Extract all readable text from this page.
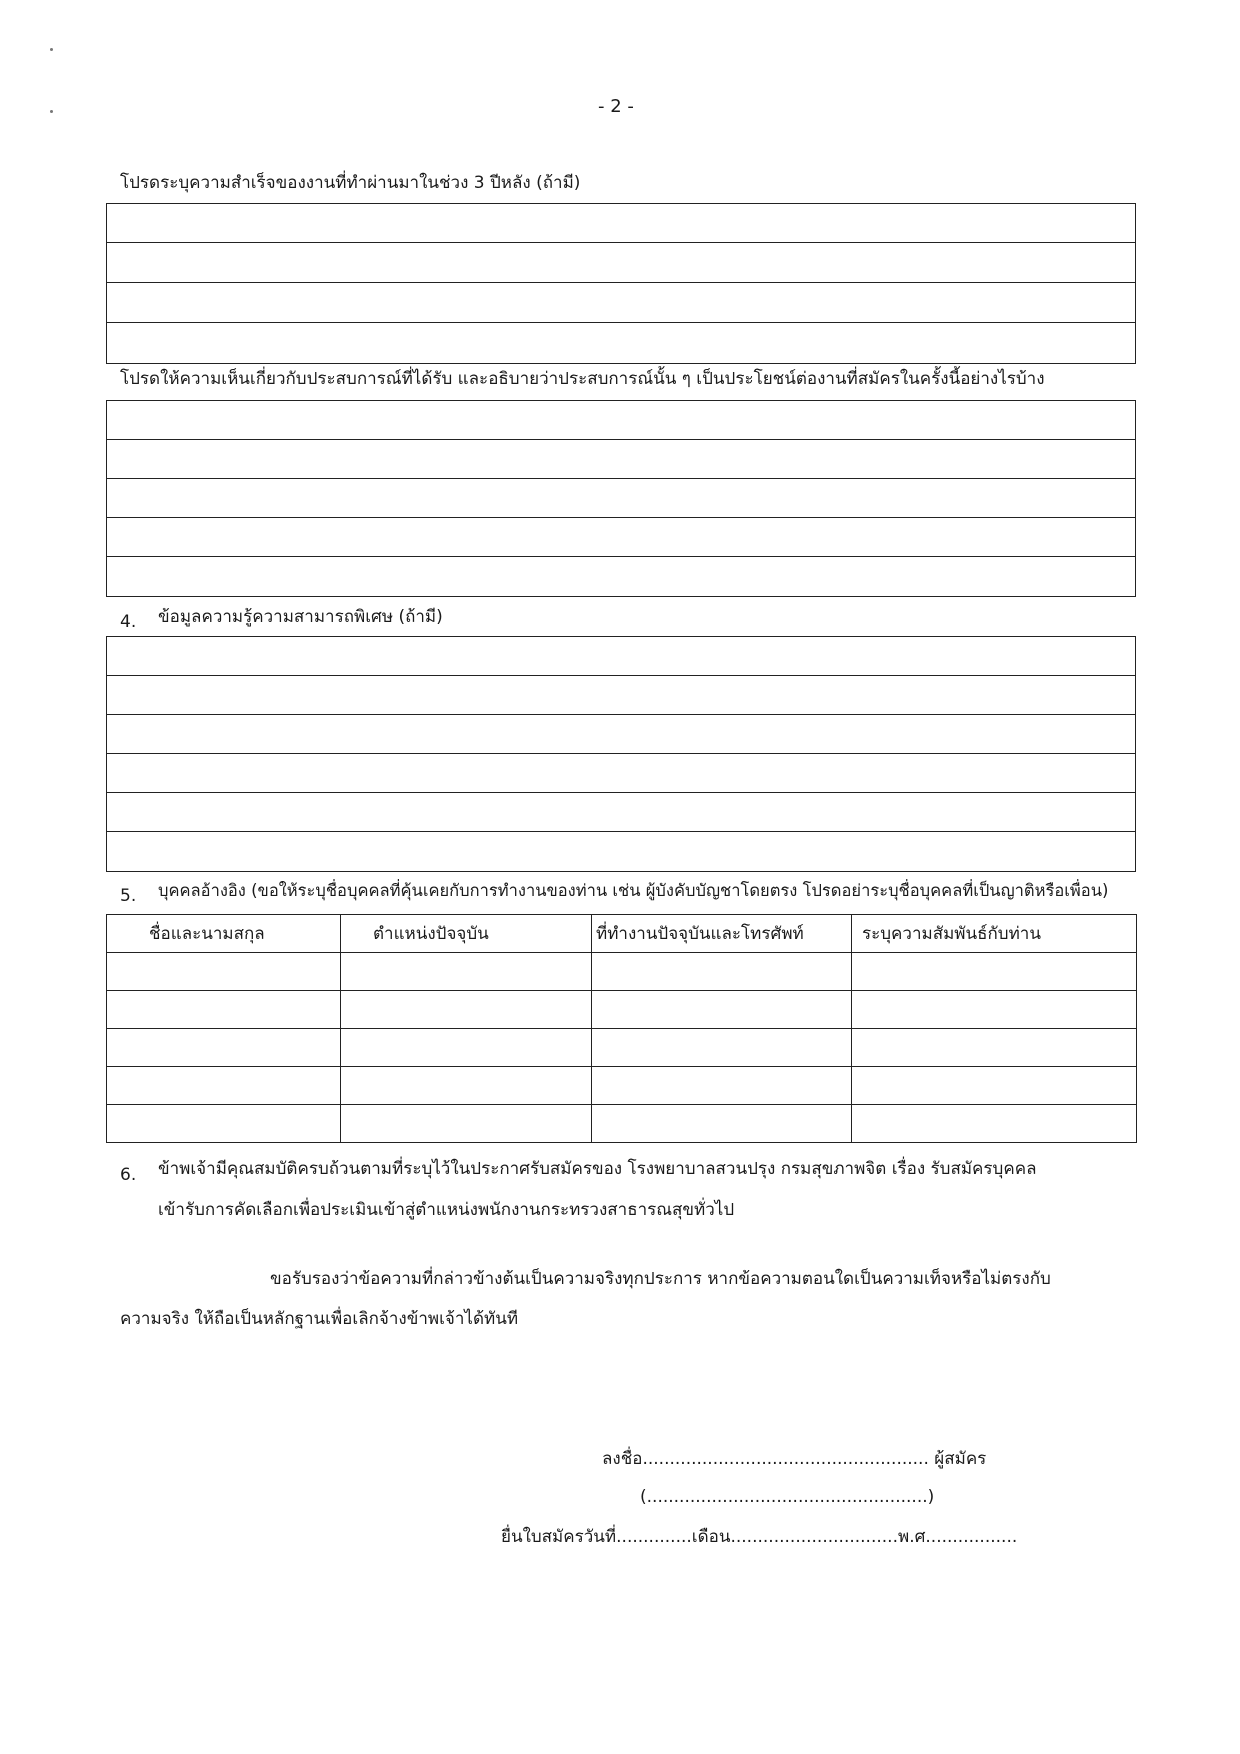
- 2 -
โปรดระบุความสำเร็จของงานที่ทำผ่านมาในช่วง 3 ปีหลัง (ถ้ามี)
โปรดให้ความเห็นเกี่ยวกับประสบการณ์ที่ได้รับ และอธิบายว่าประสบการณ์นั้น ๆ เป็นประโยชน์ต่องานที่สมัครในครั้งนี้อย่างไรบ้าง
4. ข้อมูลความรู้ความสามารถพิเศษ (ถ้ามี)
5. บุคคลอ้างอิง (ขอให้ระบุชื่อบุคคลที่คุ้นเคยกับการทำงานของท่าน เช่น ผู้บังคับบัญชาโดยตรง โปรดอย่าระบุชื่อบุคคลที่เป็นญาติหรือเพื่อน)
ชื่อและนามสกุล	ตำแหน่งปัจจุบัน	ที่ทำงานปัจจุบันและโทรศัพท์	ระบุความสัมพันธ์กับท่าน

6. ข้าพเจ้ามีคุณสมบัติครบถ้วนตามที่ระบุไว้ในประกาศรับสมัครของ โรงพยาบาลสวนปรุง กรมสุขภาพจิต เรื่อง รับสมัครบุคคล
เข้ารับการคัดเลือกเพื่อประเมินเข้าสู่ตำแหน่งพนักงานกระทรวงสาธารณสุขทั่วไป
ขอรับรองว่าข้อความที่กล่าวข้างต้นเป็นความจริงทุกประการ หากข้อความตอนใดเป็นความเท็จหรือไม่ตรงกับ
ความจริง ให้ถือเป็นหลักฐานเพื่อเลิกจ้างข้าพเจ้าได้ทันที
ลงชื่อ..................................................... ผู้สมัคร
(....................................................)
ยื่นใบสมัครวันที่..............เดือน...............................พ.ศ.................
